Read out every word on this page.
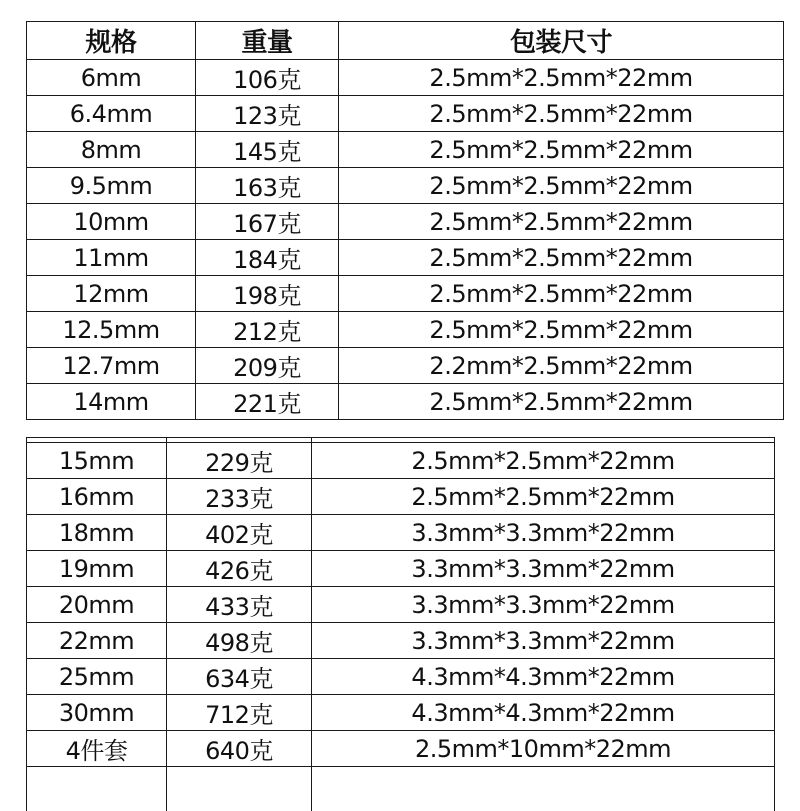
规格	重量	包装尺寸
6mm	106克	2.5mm*2.5mm*22mm
6.4mm	123克	2.5mm*2.5mm*22mm
8mm	145克	2.5mm*2.5mm*22mm
9.5mm	163克	2.5mm*2.5mm*22mm
10mm	167克	2.5mm*2.5mm*22mm
11mm	184克	2.5mm*2.5mm*22mm
12mm	198克	2.5mm*2.5mm*22mm
12.5mm	212克	2.5mm*2.5mm*22mm
12.7mm	209克	2.2mm*2.5mm*22mm
14mm	221克	2.5mm*2.5mm*22mm

15mm	229克	2.5mm*2.5mm*22mm
16mm	233克	2.5mm*2.5mm*22mm
18mm	402克	3.3mm*3.3mm*22mm
19mm	426克	3.3mm*3.3mm*22mm
20mm	433克	3.3mm*3.3mm*22mm
22mm	498克	3.3mm*3.3mm*22mm
25mm	634克	4.3mm*4.3mm*22mm
30mm	712克	4.3mm*4.3mm*22mm
4件套	640克	2.5mm*10mm*22mm
